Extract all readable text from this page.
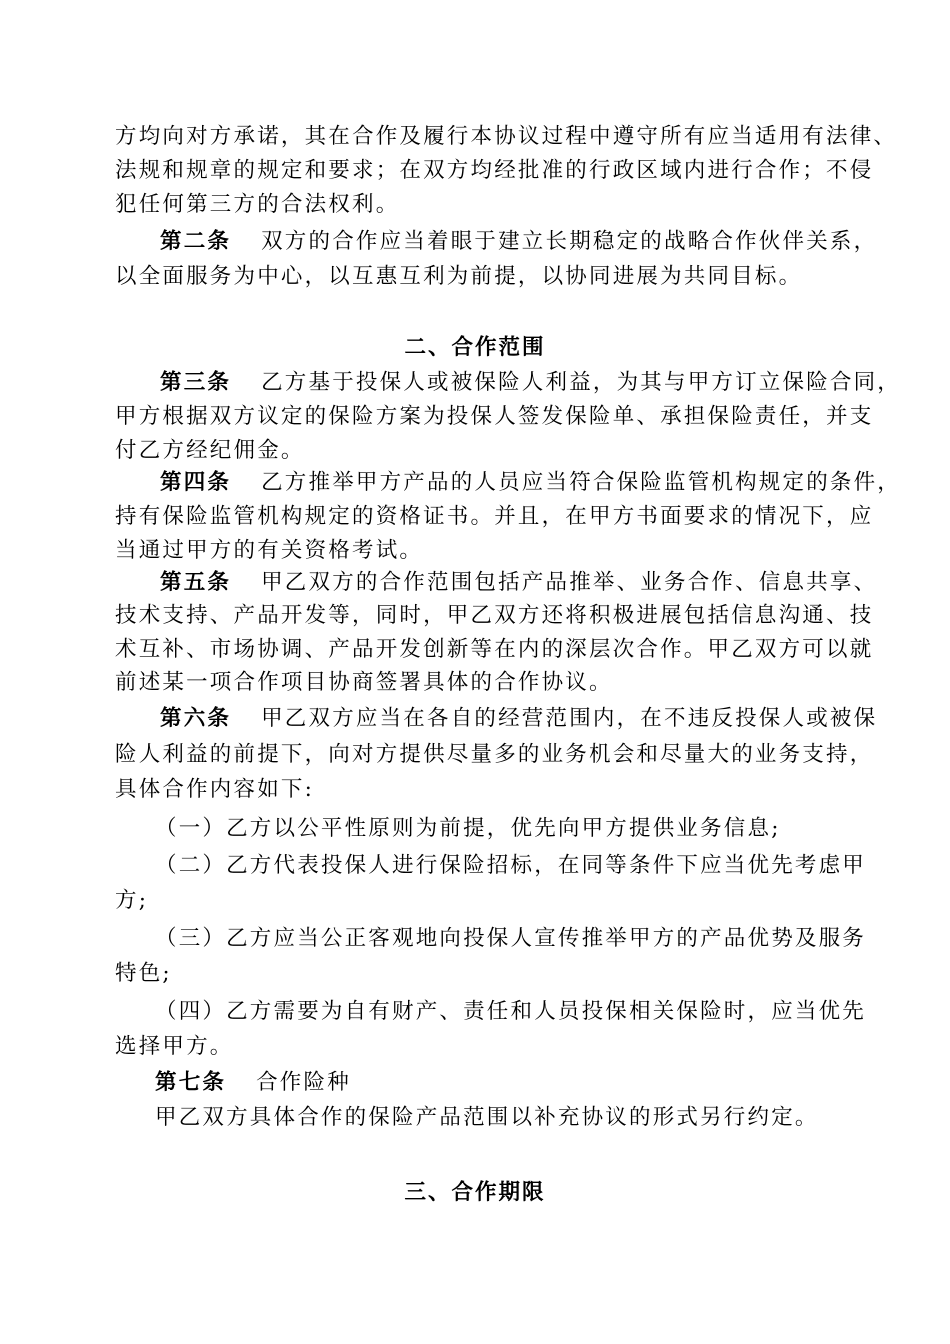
方均向对方承诺，其在合作及履行本协议过程中遵守所有应当适用有法律、
法规和规章的规定和要求；在双方均经批准的行政区域内进行合作；不侵
犯任何第三方的合法权利。
第二条 双方的合作应当着眼于建立长期稳定的战略合作伙伴关系，
以全面服务为中心，以互惠互利为前提，以协同进展为共同目标。
二、合作范围
第三条 乙方基于投保人或被保险人利益，为其与甲方订立保险合同，
甲方根据双方议定的保险方案为投保人签发保险单、承担保险责任，并支
付乙方经纪佣金。
第四条 乙方推举甲方产品的人员应当符合保险监管机构规定的条件，
持有保险监管机构规定的资格证书。并且，在甲方书面要求的情况下，应
当通过甲方的有关资格考试。
第五条 甲乙双方的合作范围包括产品推举、业务合作、信息共享、
技术支持、产品开发等，同时，甲乙双方还将积极进展包括信息沟通、技
术互补、市场协调、产品开发创新等在内的深层次合作。甲乙双方可以就
前述某一项合作项目协商签署具体的合作协议。
第六条 甲乙双方应当在各自的经营范围内，在不违反投保人或被保
险人利益的前提下，向对方提供尽量多的业务机会和尽量大的业务支持，
具体合作内容如下:
（一）乙方以公平性原则为前提，优先向甲方提供业务信息;
（二）乙方代表投保人进行保险招标，在同等条件下应当优先考虑甲
方;
（三）乙方应当公正客观地向投保人宣传推举甲方的产品优势及服务
特色;
（四）乙方需要为自有财产、责任和人员投保相关保险时，应当优先
选择甲方。
第七条 合作险种
甲乙双方具体合作的保险产品范围以补充协议的形式另行约定。
三、合作期限
